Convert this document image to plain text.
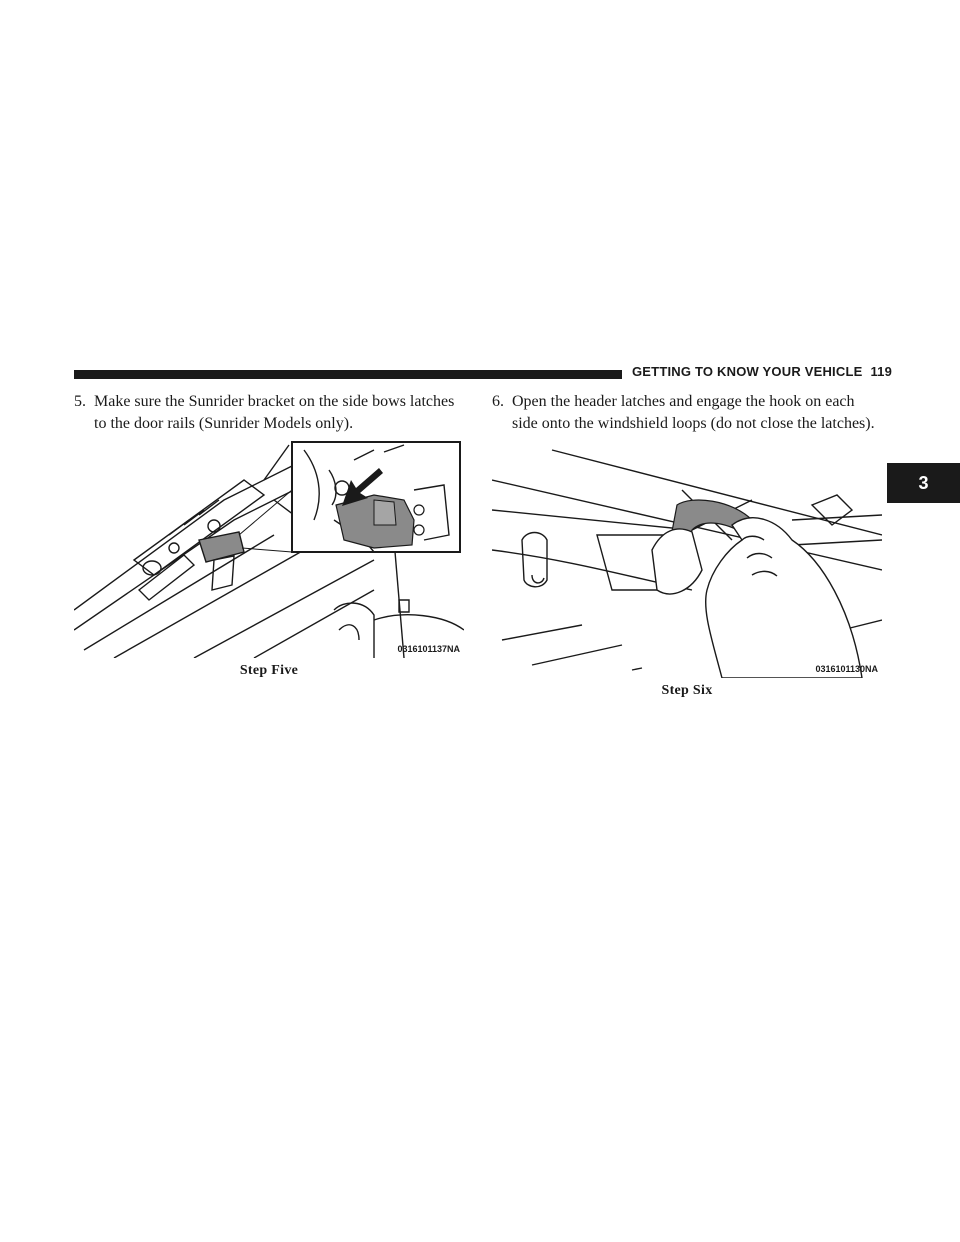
GETTING TO KNOW YOUR VEHICLE 119
3
5. Make sure the Sunrider bracket on the side bows latches
to the door rails (Sunrider Models only).
6. Open the header latches and engage the hook on each
side onto the windshield loops (do not close the latches).
0316101137NA
Step Five	0316101130NA
Step Six
